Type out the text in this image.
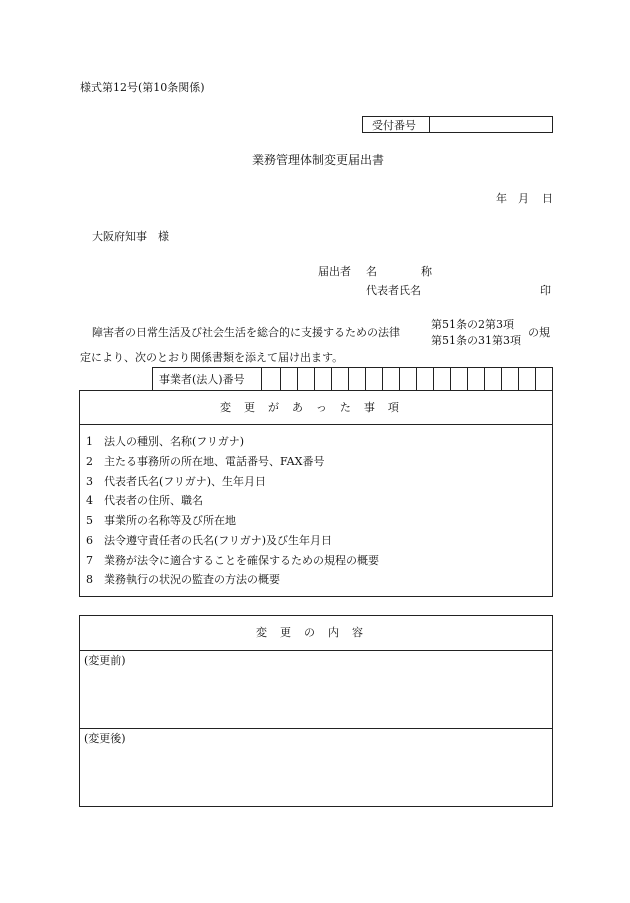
様式第12号(第10条関係)
受付番号
業務管理体制変更届出書
年 月 日
大阪府知事　様
届出者 名　　　　称
代表者氏名	印
障害者の日常生活及び社会生活を総合的に支援するための法律
第51条の2第3項
第51条の31第3項
の規
定により、次のとおり関係書類を添えて届け出ます。
事業者(法人)番号
変更があった事項
1 法人の種別、名称(フリガナ)
2 主たる事務所の所在地、電話番号、FAX番号
3 代表者氏名(フリガナ)、生年月日
4 代表者の住所、職名
5 事業所の名称等及び所在地
6 法令遵守責任者の氏名(フリガナ)及び生年月日
7 業務が法令に適合することを確保するための規程の概要
8 業務執行の状況の監査の方法の概要
変更の内容
(変更前)
(変更後)
